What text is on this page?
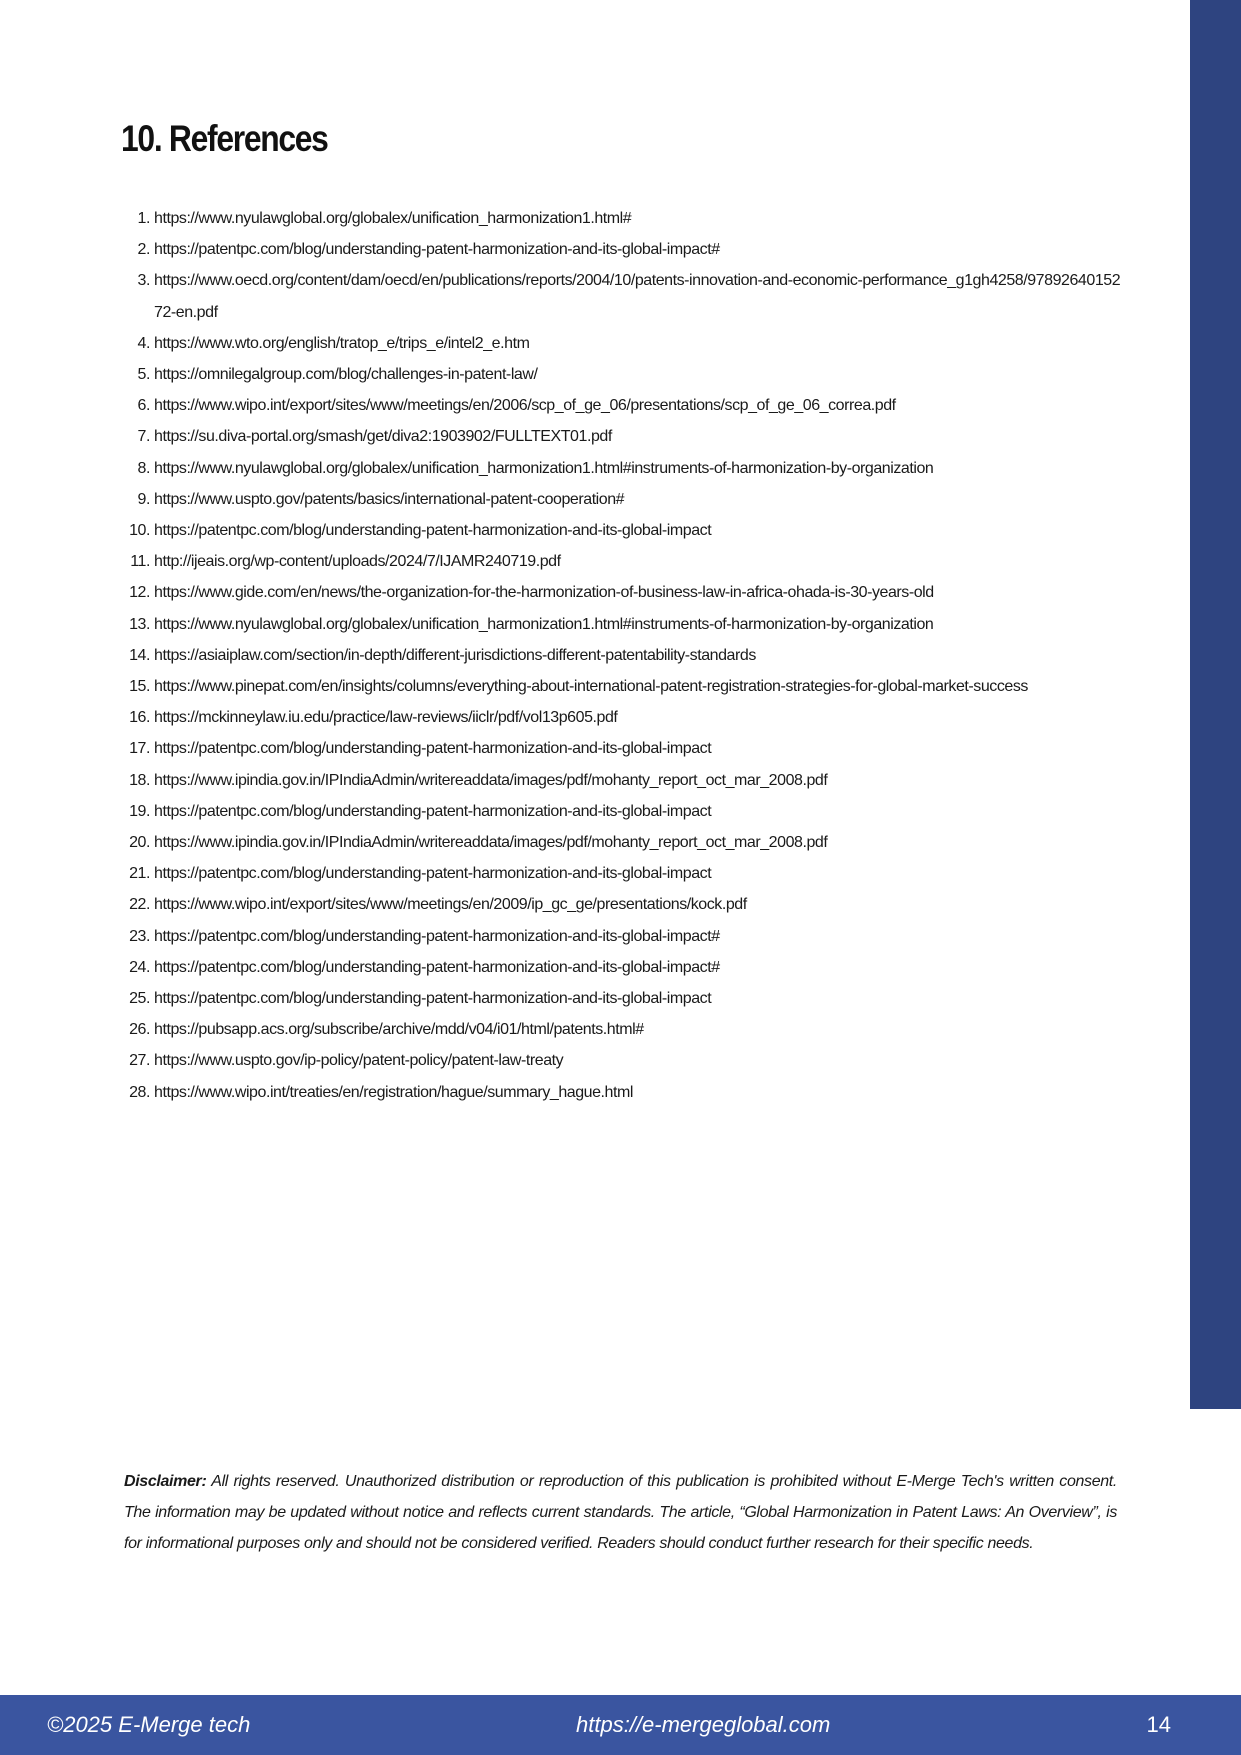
10. References
1. https://www.nyulawglobal.org/globalex/unification_harmonization1.html#
2. https://patentpc.com/blog/understanding-patent-harmonization-and-its-global-impact#
3. https://www.oecd.org/content/dam/oecd/en/publications/reports/2004/10/patents-innovation-and-economic-performance_g1gh4258/9789264015272-en.pdf
4. https://www.wto.org/english/tratop_e/trips_e/intel2_e.htm
5. https://omnilegalgroup.com/blog/challenges-in-patent-law/
6. https://www.wipo.int/export/sites/www/meetings/en/2006/scp_of_ge_06/presentations/scp_of_ge_06_correa.pdf
7. https://su.diva-portal.org/smash/get/diva2:1903902/FULLTEXT01.pdf
8. https://www.nyulawglobal.org/globalex/unification_harmonization1.html#instruments-of-harmonization-by-organization
9. https://www.uspto.gov/patents/basics/international-patent-cooperation#
10. https://patentpc.com/blog/understanding-patent-harmonization-and-its-global-impact
11. http://ijeais.org/wp-content/uploads/2024/7/IJAMR240719.pdf
12. https://www.gide.com/en/news/the-organization-for-the-harmonization-of-business-law-in-africa-ohada-is-30-years-old
13. https://www.nyulawglobal.org/globalex/unification_harmonization1.html#instruments-of-harmonization-by-organization
14. https://asiaiplaw.com/section/in-depth/different-jurisdictions-different-patentability-standards
15. https://www.pinepat.com/en/insights/columns/everything-about-international-patent-registration-strategies-for-global-market-success
16. https://mckinneylaw.iu.edu/practice/law-reviews/iiclr/pdf/vol13p605.pdf
17. https://patentpc.com/blog/understanding-patent-harmonization-and-its-global-impact
18. https://www.ipindia.gov.in/IPIndiaAdmin/writereaddata/images/pdf/mohanty_report_oct_mar_2008.pdf
19. https://patentpc.com/blog/understanding-patent-harmonization-and-its-global-impact
20. https://www.ipindia.gov.in/IPIndiaAdmin/writereaddata/images/pdf/mohanty_report_oct_mar_2008.pdf
21. https://patentpc.com/blog/understanding-patent-harmonization-and-its-global-impact
22. https://www.wipo.int/export/sites/www/meetings/en/2009/ip_gc_ge/presentations/kock.pdf
23. https://patentpc.com/blog/understanding-patent-harmonization-and-its-global-impact#
24. https://patentpc.com/blog/understanding-patent-harmonization-and-its-global-impact#
25. https://patentpc.com/blog/understanding-patent-harmonization-and-its-global-impact
26. https://pubsapp.acs.org/subscribe/archive/mdd/v04/i01/html/patents.html#
27. https://www.uspto.gov/ip-policy/patent-policy/patent-law-treaty
28. https://www.wipo.int/treaties/en/registration/hague/summary_hague.html

Disclaimer: All rights reserved. Unauthorized distribution or reproduction of this publication is prohibited without E-Merge Tech's written consent. The information may be updated without notice and reflects current standards. The article, “Global Harmonization in Patent Laws: An Overview”, is for informational purposes only and should not be considered verified. Readers should conduct further research for their specific needs.

©2025 E-Merge tech	https://e-mergeglobal.com	14
